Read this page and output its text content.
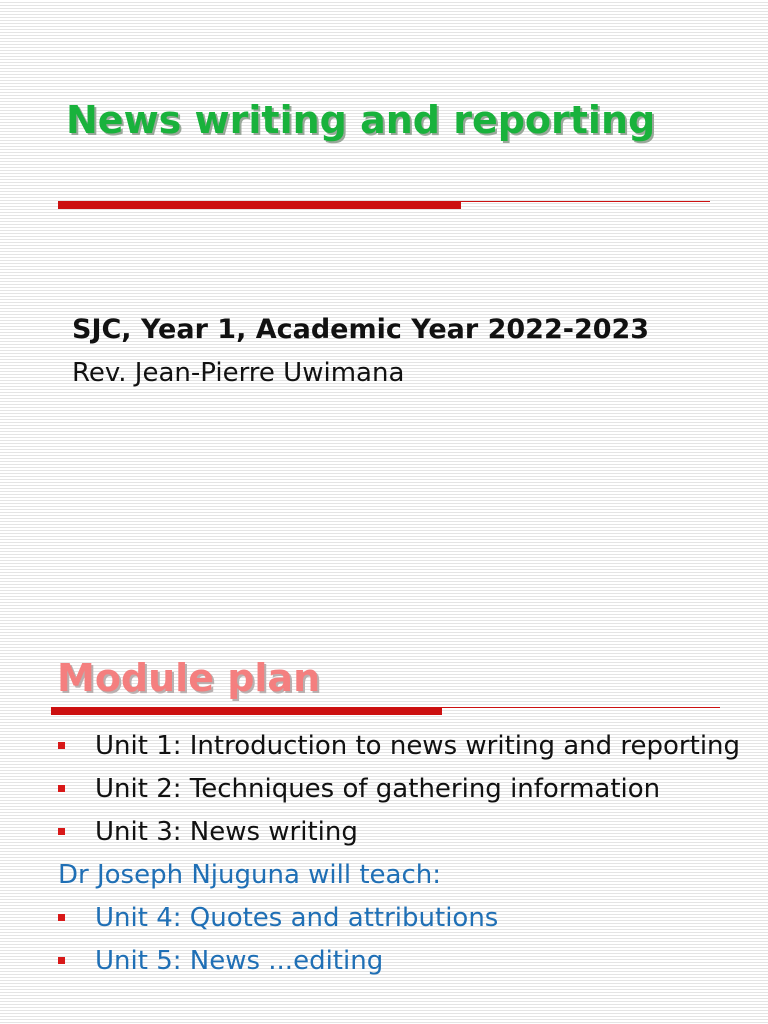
News writing and reporting
SJC, Year 1, Academic Year 2022-2023
Rev. Jean-Pierre Uwimana
Module plan
Unit 1: Introduction to news writing and reporting
Unit 2: Techniques of gathering information
Unit 3: News writing
Dr Joseph Njuguna will teach:
Unit 4: Quotes and attributions
Unit 5: News ...editing
